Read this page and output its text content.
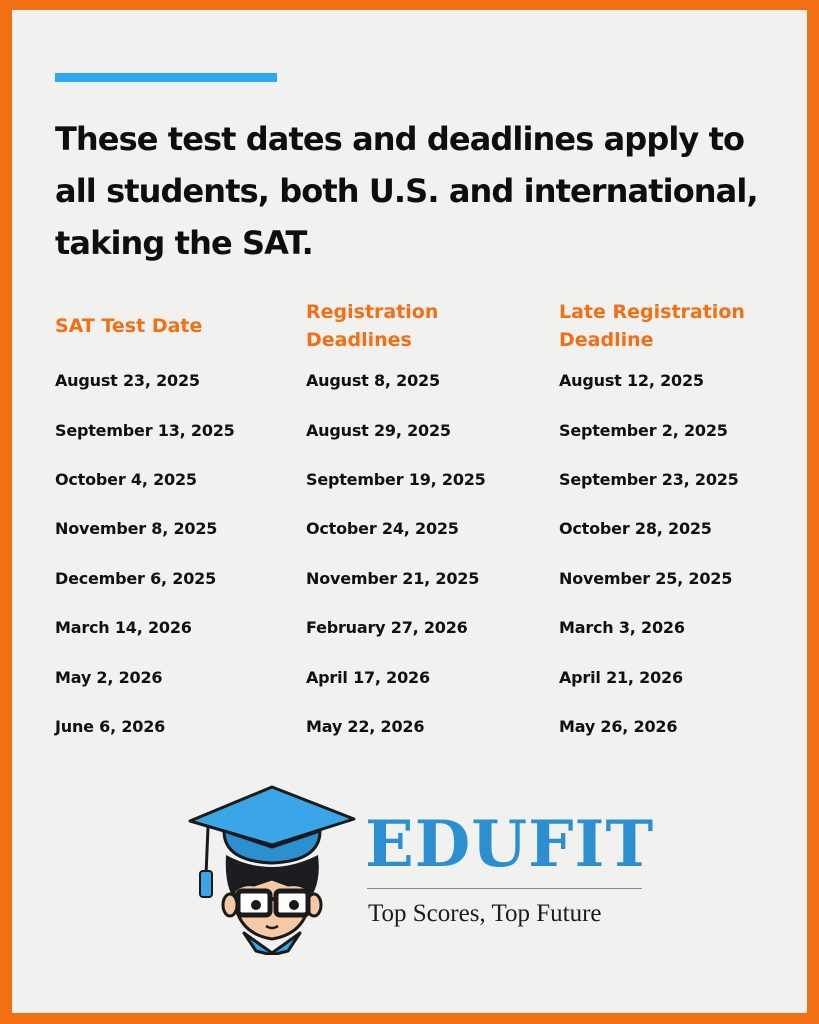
These test dates and deadlines apply to all students, both U.S. and international, taking the SAT.
SAT Test Date
August 23, 2025
September 13, 2025
October 4, 2025
November 8, 2025
December 6, 2025
March 14, 2026
May 2, 2026
June 6, 2026
Registration
Deadlines
August 8, 2025
August 29, 2025
September 19, 2025
October 24, 2025
November 21, 2025
February 27, 2026
April 17, 2026
May 22, 2026
Late Registration
Deadline
August 12, 2025
September 2, 2025
September 23, 2025
October 28, 2025
November 25, 2025
March 3, 2026
April 21, 2026
May 26, 2026
EDUFIT
Top Scores, Top Future
